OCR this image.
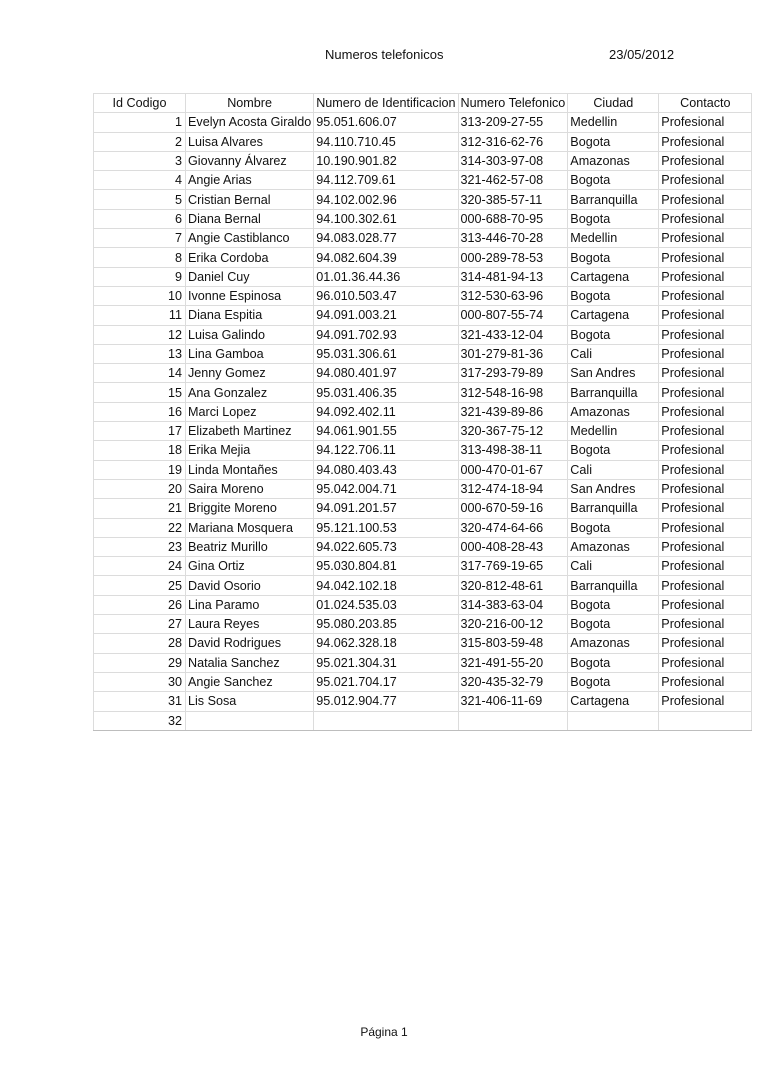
Numeros telefonicos	23/05/2012
Id Codigo	Nombre	Numero de Identificacion	Numero Telefonico	Ciudad	Contacto
1	Evelyn Acosta Giraldo	95.051.606.07	313-209-27-55	Medellin	Profesional
2	Luisa Alvares	94.110.710.45	312-316-62-76	Bogota	Profesional
3	Giovanny Álvarez	10.190.901.82	314-303-97-08	Amazonas	Profesional
4	Angie Arias	94.112.709.61	321-462-57-08	Bogota	Profesional
5	Cristian Bernal	94.102.002.96	320-385-57-11	Barranquilla	Profesional
6	Diana Bernal	94.100.302.61	000-688-70-95	Bogota	Profesional
7	Angie Castiblanco	94.083.028.77	313-446-70-28	Medellin	Profesional
8	Erika Cordoba	94.082.604.39	000-289-78-53	Bogota	Profesional
9	Daniel Cuy	01.01.36.44.36	314-481-94-13	Cartagena	Profesional
10	Ivonne Espinosa	96.010.503.47	312-530-63-96	Bogota	Profesional
11	Diana Espitia	94.091.003.21	000-807-55-74	Cartagena	Profesional
12	Luisa Galindo	94.091.702.93	321-433-12-04	Bogota	Profesional
13	Lina Gamboa	95.031.306.61	301-279-81-36	Cali	Profesional
14	Jenny Gomez	94.080.401.97	317-293-79-89	San Andres	Profesional
15	Ana Gonzalez	95.031.406.35	312-548-16-98	Barranquilla	Profesional
16	Marci Lopez	94.092.402.11	321-439-89-86	Amazonas	Profesional
17	Elizabeth Martinez	94.061.901.55	320-367-75-12	Medellin	Profesional
18	Erika Mejia	94.122.706.11	313-498-38-11	Bogota	Profesional
19	Linda Montañes	94.080.403.43	000-470-01-67	Cali	Profesional
20	Saira Moreno	95.042.004.71	312-474-18-94	San Andres	Profesional
21	Briggite Moreno	94.091.201.57	000-670-59-16	Barranquilla	Profesional
22	Mariana Mosquera	95.121.100.53	320-474-64-66	Bogota	Profesional
23	Beatriz Murillo	94.022.605.73	000-408-28-43	Amazonas	Profesional
24	Gina Ortiz	95.030.804.81	317-769-19-65	Cali	Profesional
25	David Osorio	94.042.102.18	320-812-48-61	Barranquilla	Profesional
26	Lina Paramo	01.024.535.03	314-383-63-04	Bogota	Profesional
27	Laura Reyes	95.080.203.85	320-216-00-12	Bogota	Profesional
28	David Rodrigues	94.062.328.18	315-803-59-48	Amazonas	Profesional
29	Natalia Sanchez	95.021.304.31	321-491-55-20	Bogota	Profesional
30	Angie Sanchez	95.021.704.17	320-435-32-79	Bogota	Profesional
31	Lis Sosa	95.012.904.77	321-406-11-69	Cartagena	Profesional
32					
Página 1
